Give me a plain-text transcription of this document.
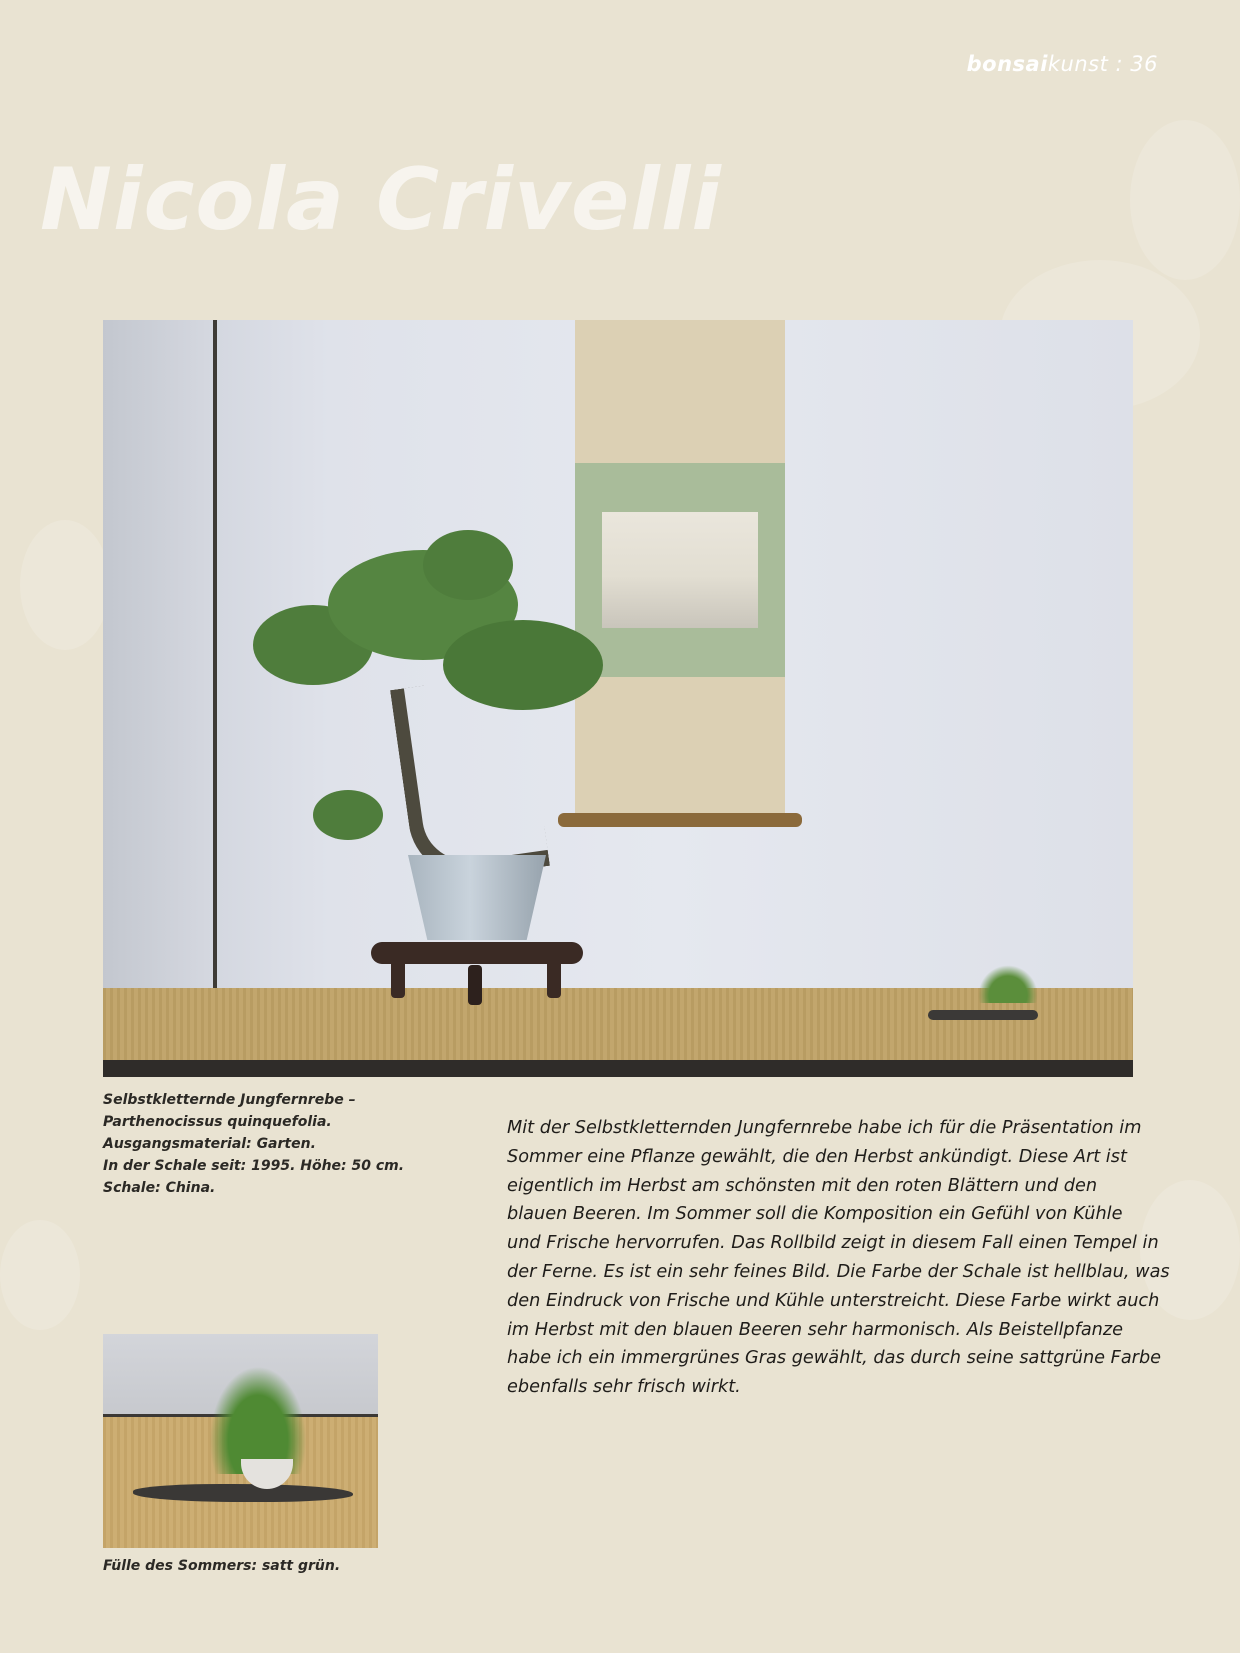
bonsaikunst : 36
Nicola Crivelli
Selbstkletternde Jungfernrebe –
Parthenocissus quinquefolia.
Ausgangsmaterial: Garten.
In der Schale seit: 1995. Höhe: 50 cm.
Schale: China.
Mit der Selbstkletternden Jungfernrebe habe ich für die Präsentation im
Sommer eine Pflanze gewählt, die den Herbst ankündigt. Diese Art ist
eigentlich im Herbst am schönsten mit den roten Blättern und den
blauen Beeren. Im Sommer soll die Komposition ein Gefühl von Kühle
und Frische hervorrufen. Das Rollbild zeigt in diesem Fall einen Tempel in
der Ferne. Es ist ein sehr feines Bild. Die Farbe der Schale ist hellblau, was
den Eindruck von Frische und Kühle unterstreicht. Diese Farbe wirkt auch
im Herbst mit den blauen Beeren sehr harmonisch. Als Beistellpfanze
habe ich ein immergrünes Gras gewählt, das durch seine sattgrüne Farbe
ebenfalls sehr frisch wirkt.
Fülle des Sommers: satt grün.
